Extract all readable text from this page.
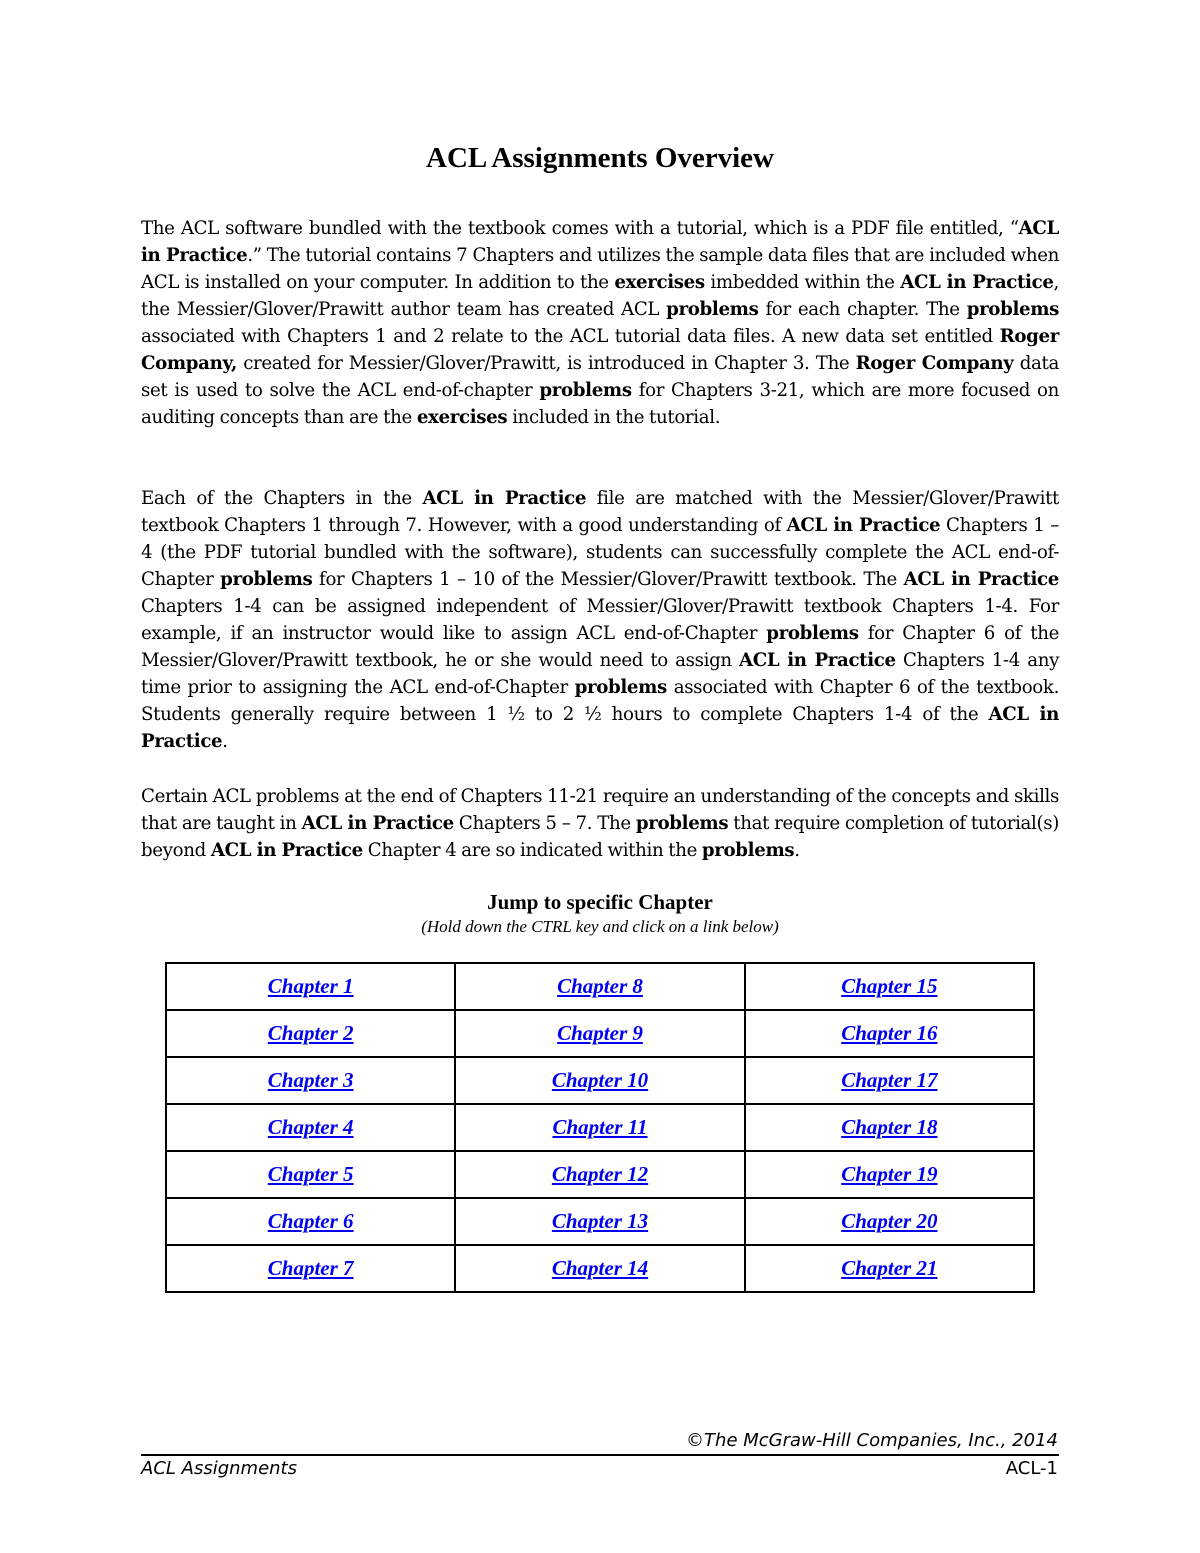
ACL Assignments Overview

The ACL software bundled with the textbook comes with a tutorial, which is a PDF file entitled, “ACL in Practice.” The tutorial contains 7 Chapters and utilizes the sample data files that are included when ACL is installed on your computer. In addition to the exercises imbedded within the ACL in Practice, the Messier/Glover/Prawitt author team has created ACL problems for each chapter. The problems associated with Chapters 1 and 2 relate to the ACL tutorial data files. A new data set entitled Roger Company, created for Messier/Glover/Prawitt, is introduced in Chapter 3. The Roger Company data set is used to solve the ACL end-of-chapter problems for Chapters 3-21, which are more focused on auditing concepts than are the exercises included in the tutorial.

Each of the Chapters in the ACL in Practice file are matched with the Messier/Glover/Prawitt textbook Chapters 1 through 7. However, with a good understanding of ACL in Practice Chapters 1 – 4 (the PDF tutorial bundled with the software), students can successfully complete the ACL end-of-Chapter problems for Chapters 1 – 10 of the Messier/Glover/Prawitt textbook. The ACL in Practice Chapters 1-4 can be assigned independent of Messier/Glover/Prawitt textbook Chapters 1-4. For example, if an instructor would like to assign ACL end-of-Chapter problems for Chapter 6 of the Messier/Glover/Prawitt textbook, he or she would need to assign ACL in Practice Chapters 1-4 any time prior to assigning the ACL end-of-Chapter problems associated with Chapter 6 of the textbook. Students generally require between 1 ½ to 2 ½ hours to complete Chapters 1-4 of the ACL in Practice.

Certain ACL problems at the end of Chapters 11-21 require an understanding of the concepts and skills that are taught in ACL in Practice Chapters 5 – 7. The problems that require completion of tutorial(s) beyond ACL in Practice Chapter 4 are so indicated within the problems.

Jump to specific Chapter
(Hold down the CTRL key and click on a link below)
Chapter 1	Chapter 8	Chapter 15
Chapter 2	Chapter 9	Chapter 16
Chapter 3	Chapter 10	Chapter 17
Chapter 4	Chapter 11	Chapter 18
Chapter 5	Chapter 12	Chapter 19
Chapter 6	Chapter 13	Chapter 20
Chapter 7	Chapter 14	Chapter 21
©The McGraw-Hill Companies, Inc., 2014
ACL Assignments	ACL-1
